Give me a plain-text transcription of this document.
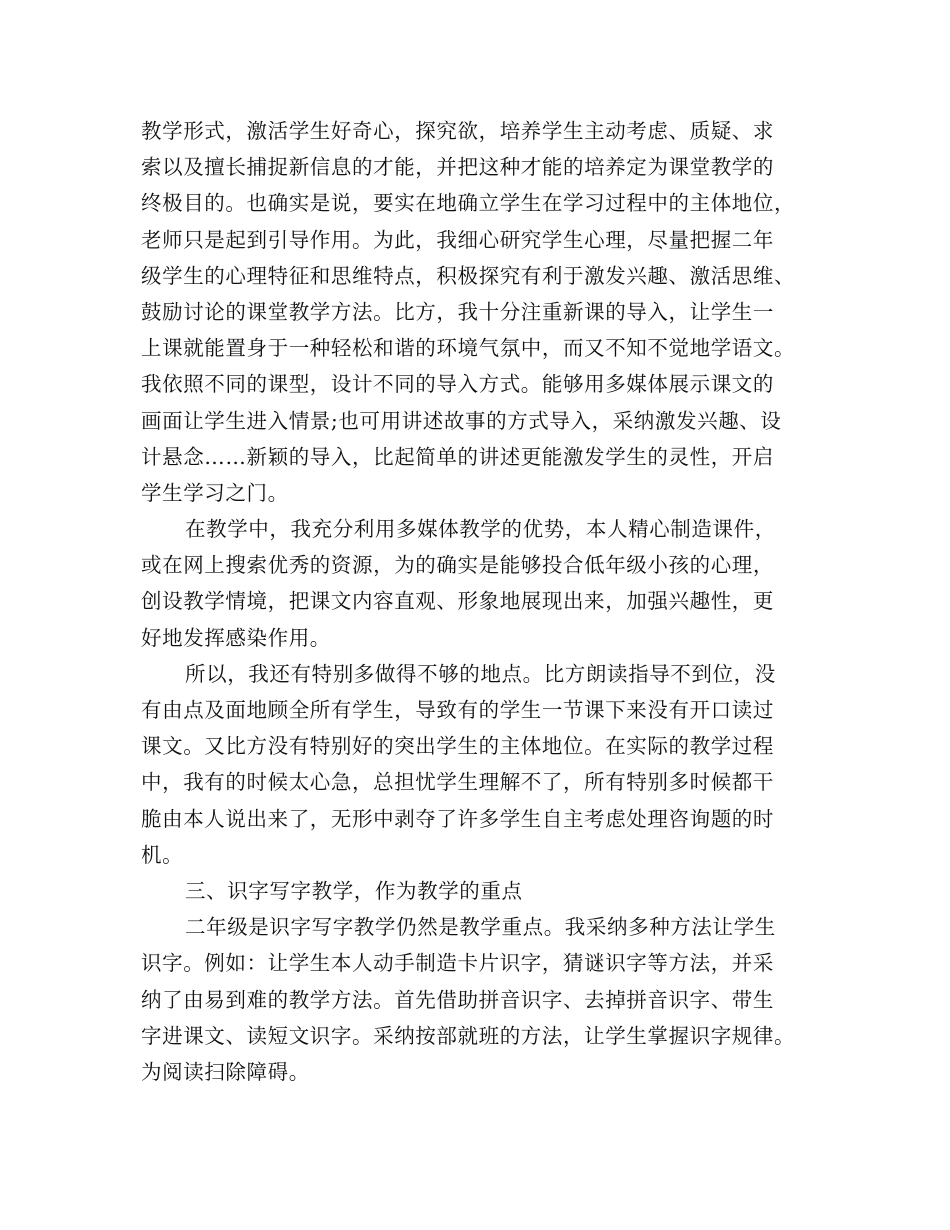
教学形式，激活学生好奇心，探究欲，培养学生主动考虑、质疑、求
索以及擅长捕捉新信息的才能，并把这种才能的培养定为课堂教学的
终极目的。也确实是说，要实在地确立学生在学习过程中的主体地位，
老师只是起到引导作用。为此，我细心研究学生心理，尽量把握二年
级学生的心理特征和思维特点，积极探究有利于激发兴趣、激活思维、
鼓励讨论的课堂教学方法。比方，我十分注重新课的导入，让学生一
上课就能置身于一种轻松和谐的环境气氛中，而又不知不觉地学语文。
我依照不同的课型，设计不同的导入方式。能够用多媒体展示课文的
画面让学生进入情景;也可用讲述故事的方式导入，采纳激发兴趣、设
计悬念……新颖的导入，比起简单的讲述更能激发学生的灵性，开启
学生学习之门。
在教学中，我充分利用多媒体教学的优势，本人精心制造课件，
或在网上搜索优秀的资源，为的确实是能够投合低年级小孩的心理，
创设教学情境，把课文内容直观、形象地展现出来，加强兴趣性，更
好地发挥感染作用。
所以，我还有特别多做得不够的地点。比方朗读指导不到位，没
有由点及面地顾全所有学生，导致有的学生一节课下来没有开口读过
课文。又比方没有特别好的突出学生的主体地位。在实际的教学过程
中，我有的时候太心急，总担忧学生理解不了，所有特别多时候都干
脆由本人说出来了，无形中剥夺了许多学生自主考虑处理咨询题的时
机。
三、识字写字教学，作为教学的重点
二年级是识字写字教学仍然是教学重点。我采纳多种方法让学生
识字。例如：让学生本人动手制造卡片识字，猜谜识字等方法，并采
纳了由易到难的教学方法。首先借助拼音识字、去掉拼音识字、带生
字进课文、读短文识字。采纳按部就班的方法，让学生掌握识字规律。
为阅读扫除障碍。
